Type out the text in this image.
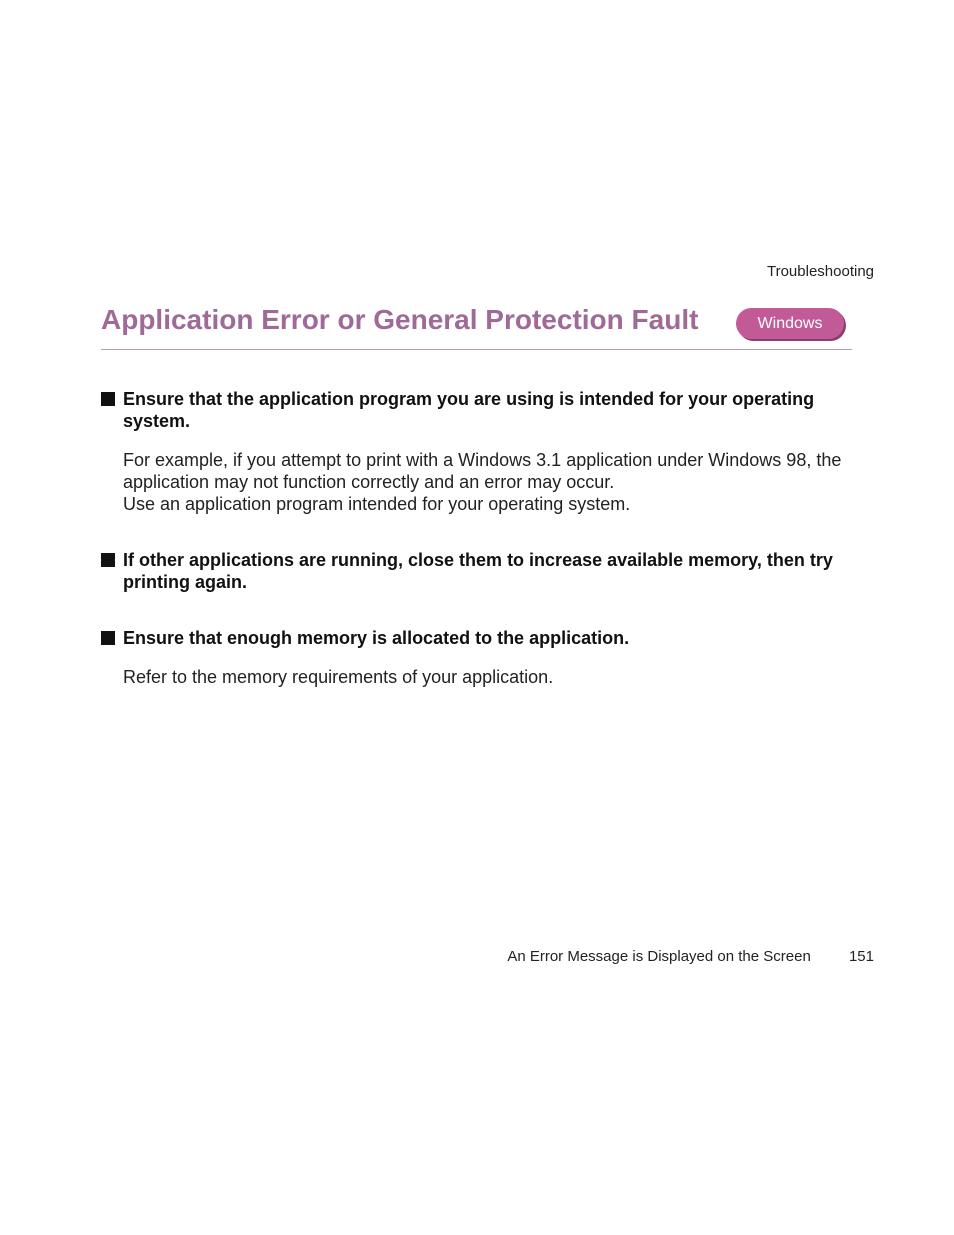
Troubleshooting
Application Error or General Protection Fault	Windows
Ensure that the application program you are using is intended for your operating system.

For example, if you attempt to print with a Windows 3.1 application under Windows 98, the application may not function correctly and an error may occur.

Use an application program intended for your operating system.

If other applications are running, close them to increase available memory, then try printing again.
Ensure that enough memory is allocated to the application.

Refer to the memory requirements of your application.

An Error Message is Displayed on the Screen	151
